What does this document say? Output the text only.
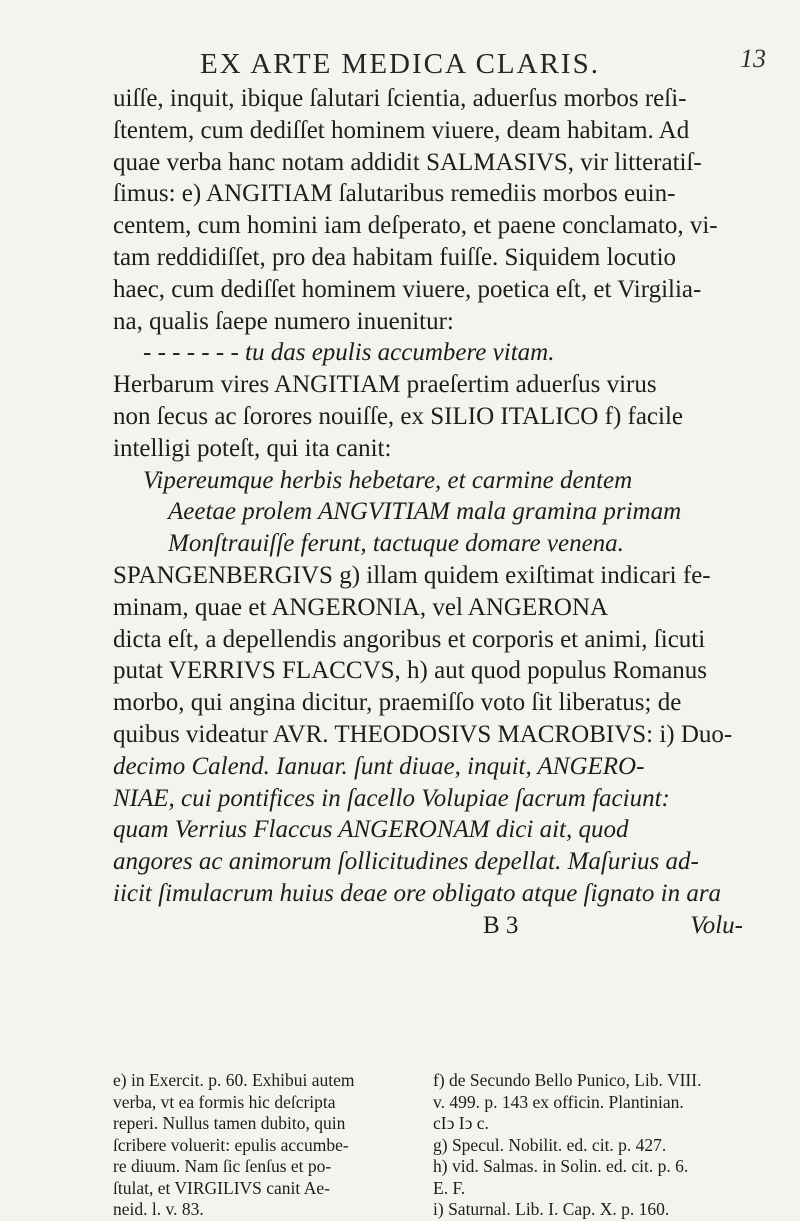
EX ARTE MEDICA CLARIS.	13

uiſſe, inquit, ibique ſalutari ſcientia, aduerſus morbos reſi-

ſtentem, cum dediſſet hominem viuere, deam habitam. Ad

quae verba hanc notam addidit SALMASIVS, vir litteratiſ-

ſimus: e) ANGITIAM ſalutaribus remediis morbos euin-

centem, cum homini iam deſperato, et paene conclamato, vi-

tam reddidiſſet, pro dea habitam fuiſſe. Siquidem locutio

haec, cum dediſſet hominem viuere, poetica eſt, et Virgilia-

na, qualis ſaepe numero inuenitur:

- - - - - - - tu das epulis accumbere vitam.

Herbarum vires ANGITIAM praeſertim aduerſus virus

non ſecus ac ſorores nouiſſe, ex SILIO ITALICO f) facile

intelligi poteſt, qui ita canit:

Vipereumque herbis hebetare, et carmine dentem

Aeetae prolem ANGVITIAM mala gramina primam

Monſtrauiſſe ferunt, tactuque domare venena.

SPANGENBERGIVS g) illam quidem exiſtimat indicari fe-

minam, quae et ANGERONIA, vel ANGERONA

dicta eſt, a depellendis angoribus et corporis et animi, ſicuti

putat VERRIVS FLACCVS, h) aut quod populus Romanus

morbo, qui angina dicitur, praemiſſo voto ſit liberatus; de

quibus videatur AVR. THEODOSIVS MACROBIVS: i) Duo-

decimo Calend. Ianuar. ſunt diuae, inquit, ANGERO-

NIAE, cui pontifices in ſacello Volupiae ſacrum faciunt:

quam Verrius Flaccus ANGERONAM dici ait, quod

angores ac animorum ſollicitudines depellat. Maſurius ad-

iicit ſimulacrum huius deae ore obligato atque ſignato in ara

B 3	Volu-

e) in Exercit. p. 60. Exhibui autem

verba, vt ea formis hic deſcripta

reperi. Nullus tamen dubito, quin

ſcribere voluerit: epulis accumbe-

re diuum. Nam ſic ſenſus et po-

ſtulat, et VIRGILIVS canit Ae-

neid. l. v. 83.

f) de Secundo Bello Punico, Lib. VIII.

v. 499. p. 143 ex officin. Plantinian.

cIↄ Iↄ c.

g) Specul. Nobilit. ed. cit. p. 427.

h) vid. Salmas. in Solin. ed. cit. p. 6.

E. F.

i) Saturnal. Lib. I. Cap. X. p. 160.
